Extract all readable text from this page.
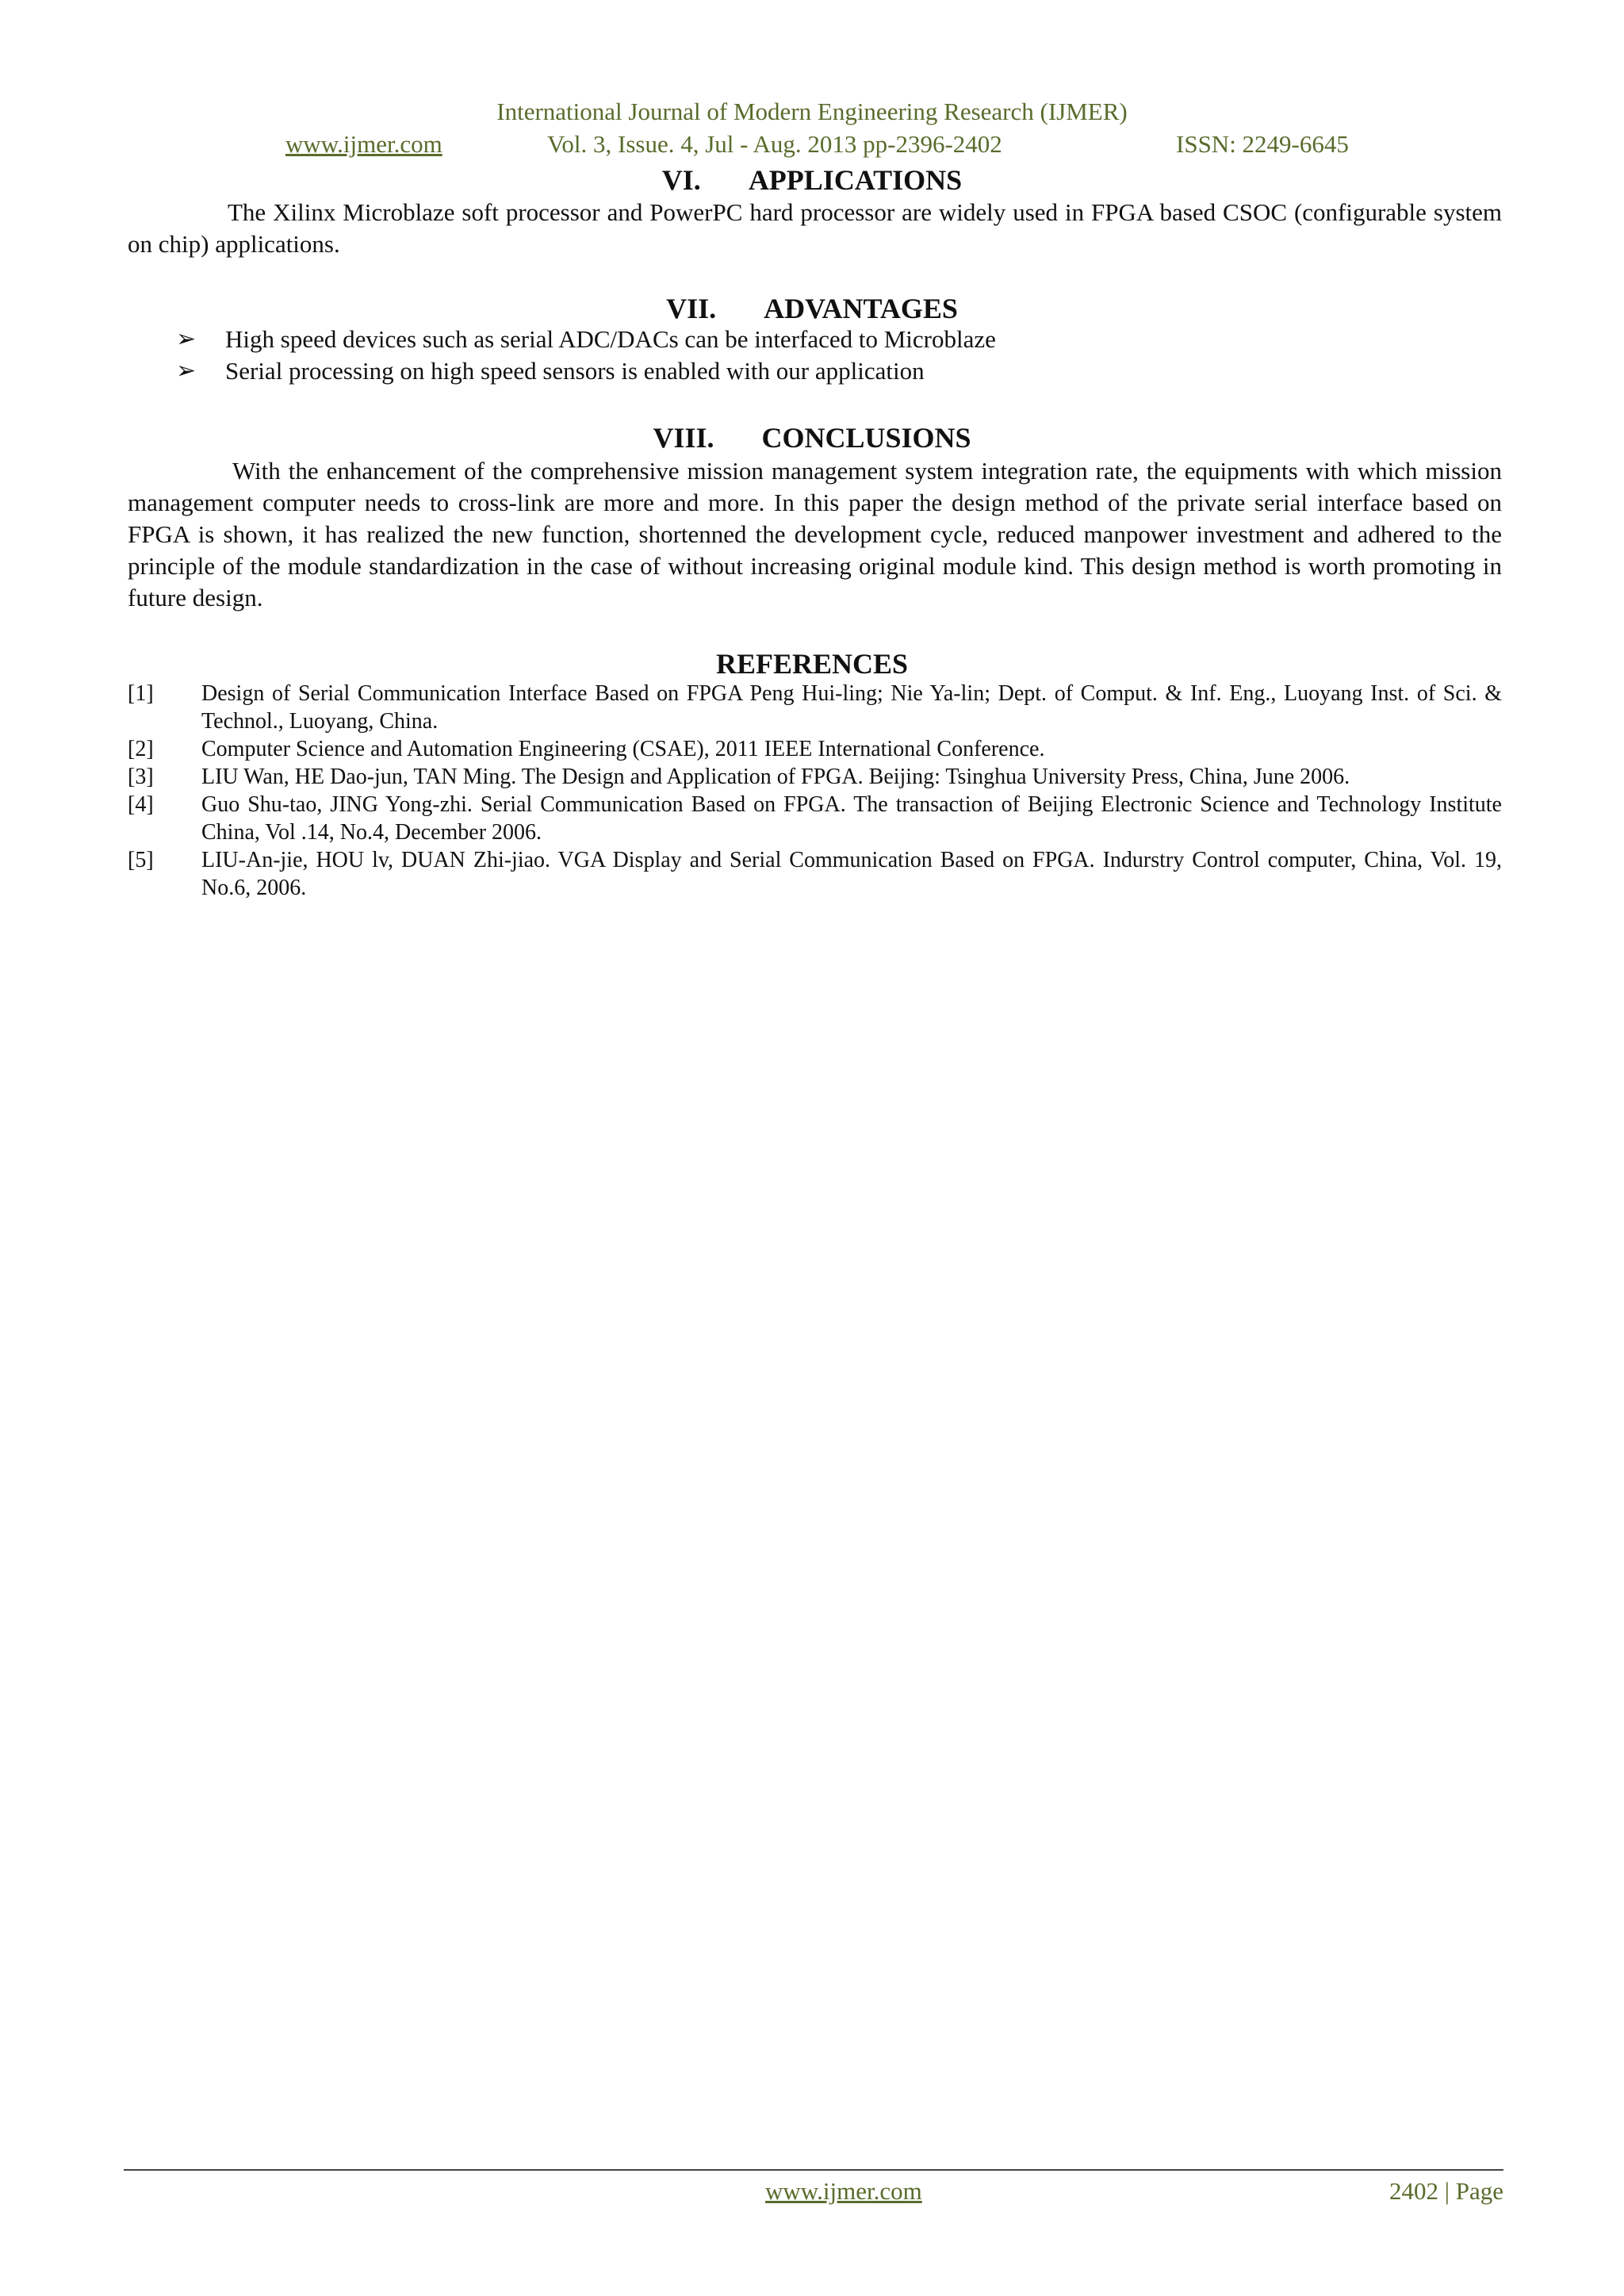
International Journal of Modern Engineering Research (IJMER)
www.ijmer.com	Vol. 3, Issue. 4, Jul - Aug. 2013 pp-2396-2402	ISSN: 2249-6645
VI. APPLICATIONS
The Xilinx Microblaze soft processor and PowerPC hard processor are widely used in FPGA based CSOC (configurable system on chip) applications.
VII. ADVANTAGES
➢ High speed devices such as serial ADC/DACs can be interfaced to Microblaze
➢ Serial processing on high speed sensors is enabled with our application
VIII. CONCLUSIONS
With the enhancement of the comprehensive mission management system integration rate, the equipments with which mission management computer needs to cross-link are more and more. In this paper the design method of the private serial interface based on FPGA is shown, it has realized the new function, shortenned the development cycle, reduced manpower investment and adhered to the principle of the module standardization in the case of without increasing original module kind. This design method is worth promoting in future design.
REFERENCES
[1] Design of Serial Communication Interface Based on FPGA Peng Hui-ling; Nie Ya-lin; Dept. of Comput. & Inf. Eng., Luoyang Inst. of Sci. & Technol., Luoyang, China.
[2] Computer Science and Automation Engineering (CSAE), 2011 IEEE International Conference.
[3] LIU Wan, HE Dao-jun, TAN Ming. The Design and Application of FPGA. Beijing: Tsinghua University Press, China, June 2006.
[4] Guo Shu-tao, JING Yong-zhi. Serial Communication Based on FPGA. The transaction of Beijing Electronic Science and Technology Institute China, Vol .14, No.4, December 2006.
[5] LIU-An-jie, HOU lv, DUAN Zhi-jiao. VGA Display and Serial Communication Based on FPGA. Indurstry Control computer, China, Vol. 19, No.6, 2006.
www.ijmer.com	2402 | Page
